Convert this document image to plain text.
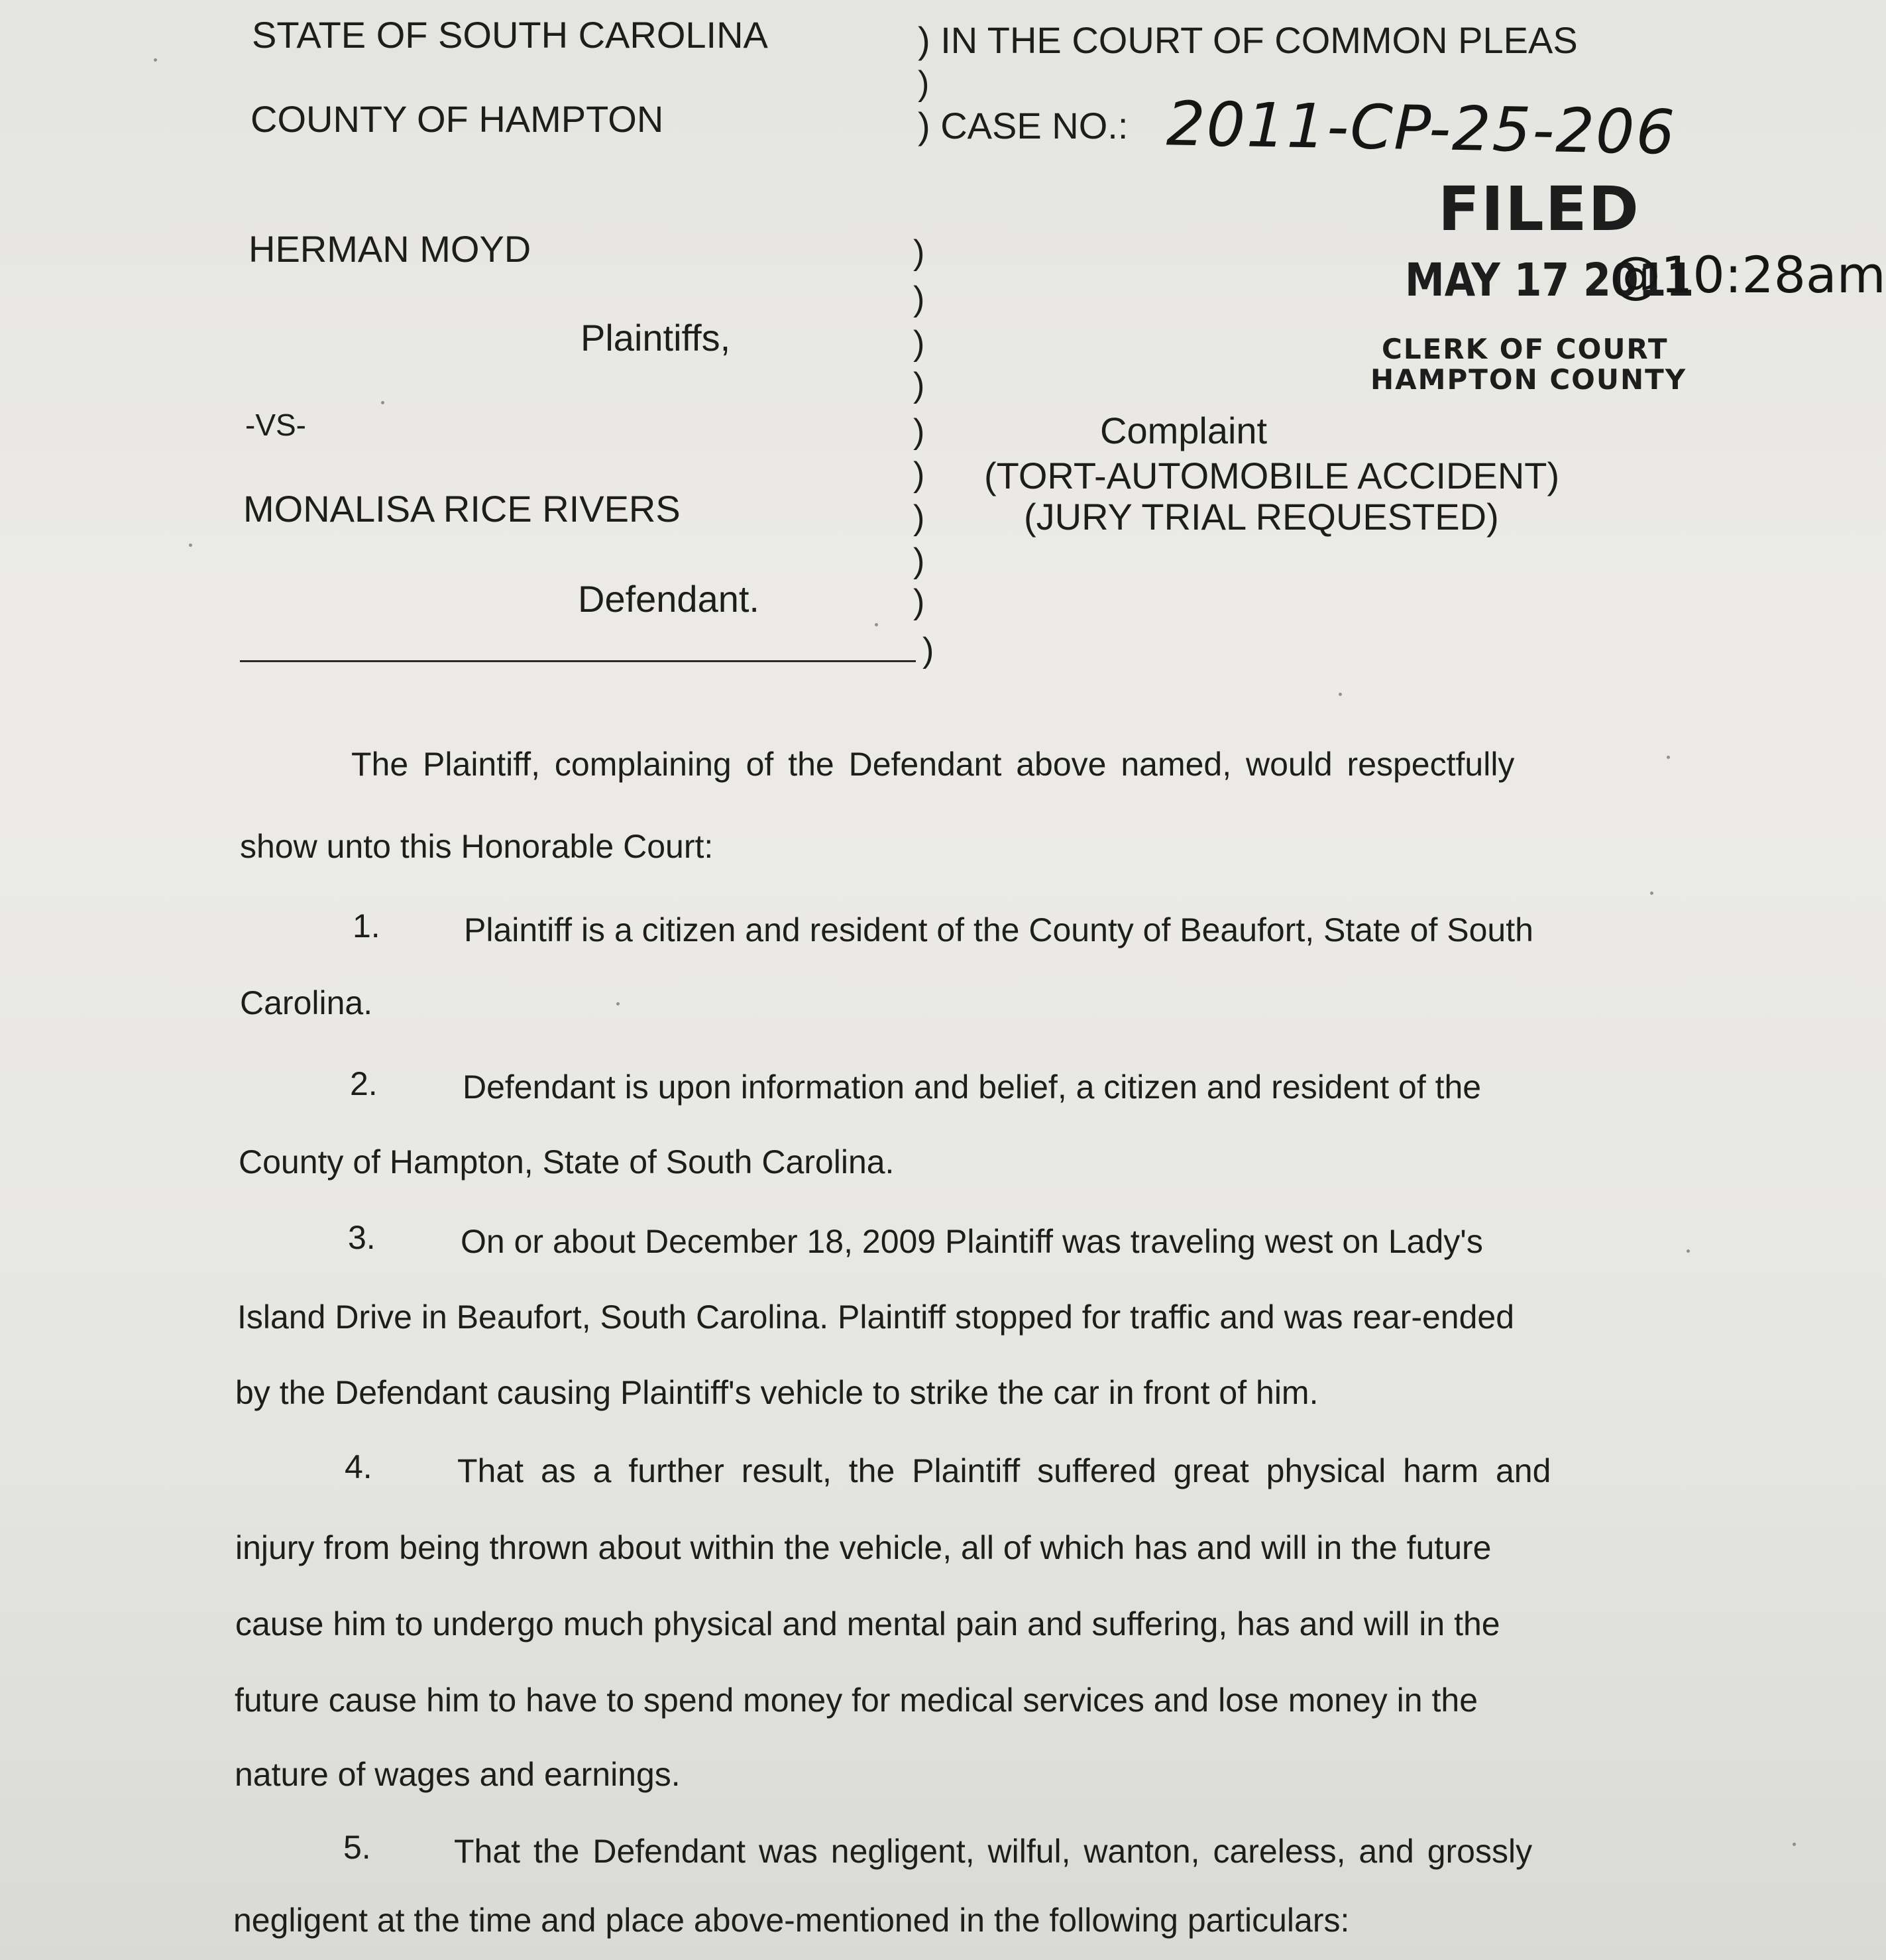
STATE OF SOUTH CAROLINA
COUNTY OF HAMPTON
HERMAN MOYD
Plaintiffs,
-VS-
MONALISA RICE RIVERS
Defendant.
) IN THE COURT OF COMMON PLEAS
)
) CASE NO.: 2011-CP-25-206
)
)
)
)
)
)
)
)
)
)
Complaint
(TORT-AUTOMOBILE ACCIDENT)
(JURY TRIAL REQUESTED)
FILED
MAY 17 2011
@10:28am
CLERK OF COURT
HAMPTON COUNTY
The Plaintiff, complaining of the Defendant above named, would respectfully
show unto this Honorable Court:
1.	Plaintiff is a citizen and resident of the County of Beaufort, State of South
Carolina.
2.	Defendant is upon information and belief, a citizen and resident of the
County of Hampton, State of South Carolina.
3.	On or about December 18, 2009 Plaintiff was traveling west on Lady's
Island Drive in Beaufort, South Carolina. Plaintiff stopped for traffic and was rear-ended
by the Defendant causing Plaintiff's vehicle to strike the car in front of him.
4.	That as a further result, the Plaintiff suffered great physical harm and
injury from being thrown about within the vehicle, all of which has and will in the future
cause him to undergo much physical and mental pain and suffering, has and will in the
future cause him to have to spend money for medical services and lose money in the
nature of wages and earnings.
5.	That the Defendant was negligent, wilful, wanton, careless, and grossly
negligent at the time and place above-mentioned in the following particulars:
